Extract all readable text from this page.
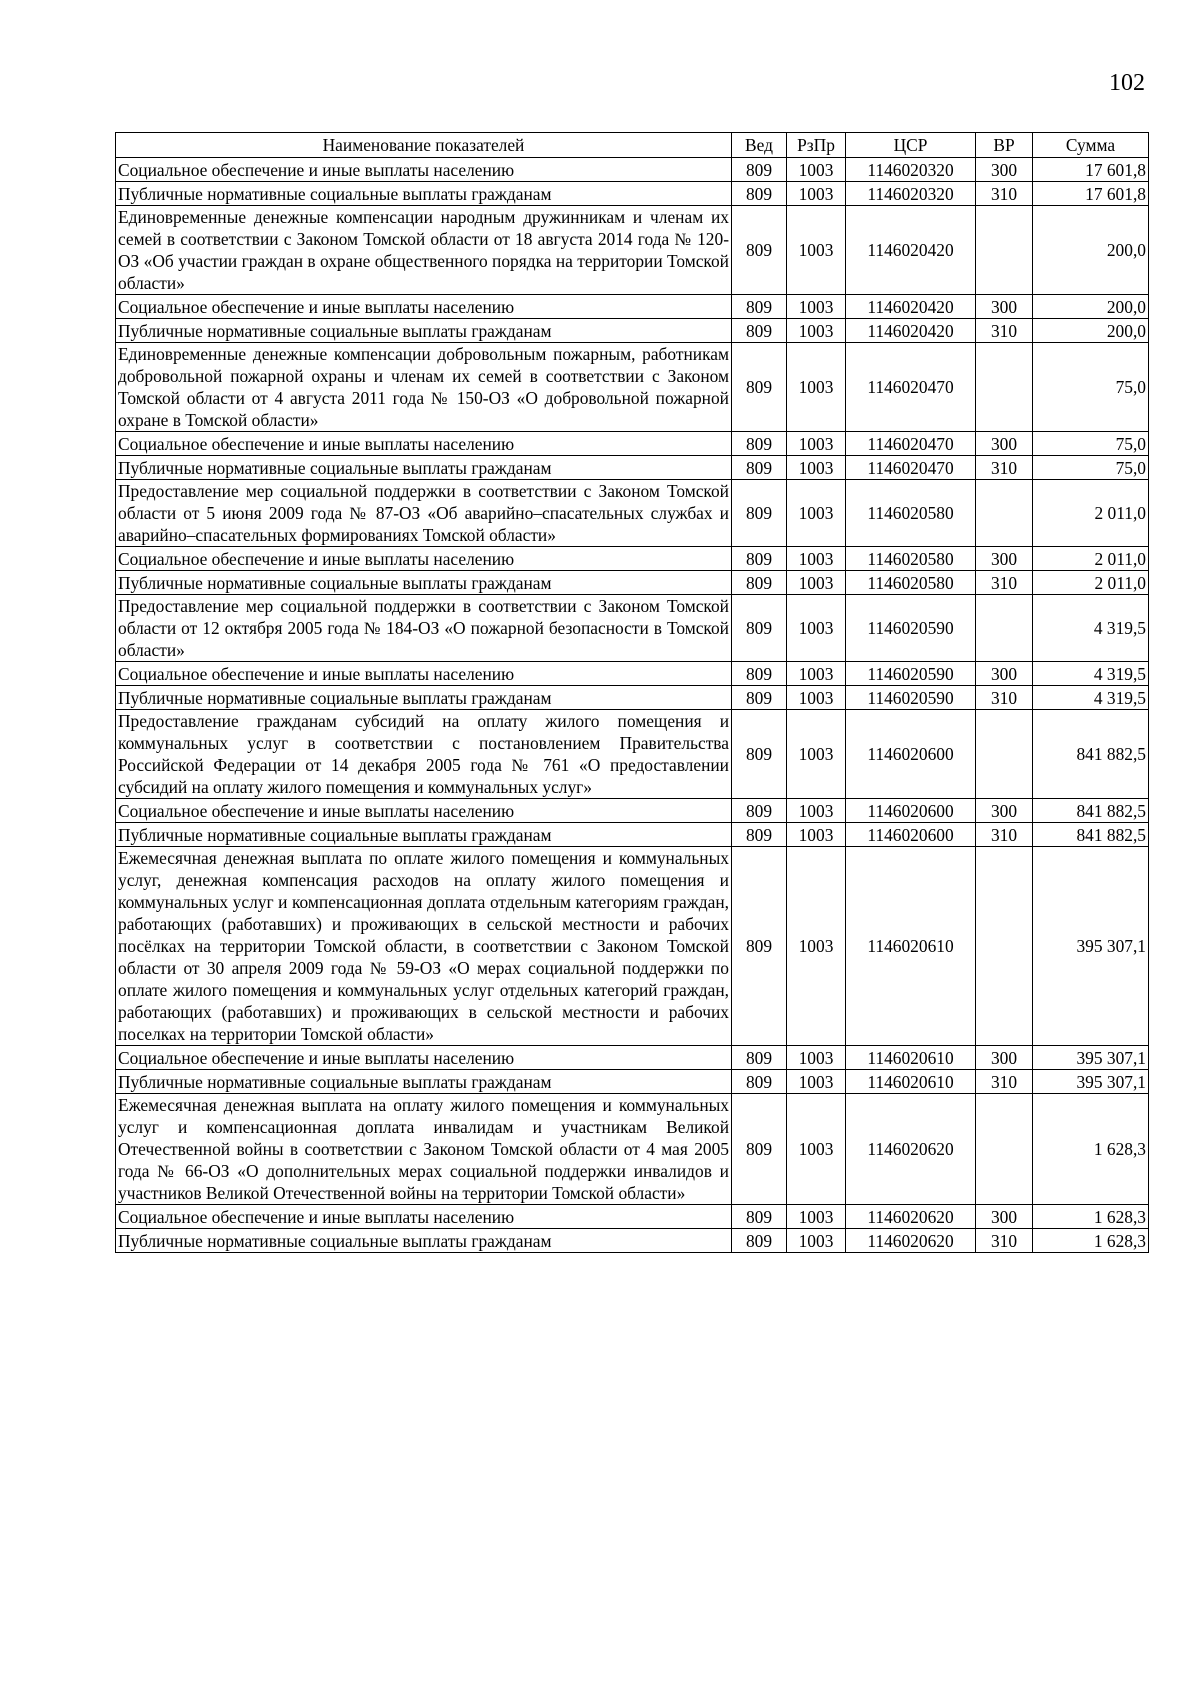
102
Наименование показателей	Вед	РзПр	ЦСР	ВР	Сумма
Социальное обеспечение и иные выплаты населению	809	1003	1146020320	300	17 601,8
Публичные нормативные социальные выплаты гражданам	809	1003	1146020320	310	17 601,8
Единовременные денежные компенсации народным дружинникам и членам их семей в соответствии с Законом Томской области от 18 августа 2014 года № 120-ОЗ «Об участии граждан в охране общественного порядка на территории Томской области»	809	1003	1146020420		200,0
Социальное обеспечение и иные выплаты населению	809	1003	1146020420	300	200,0
Публичные нормативные социальные выплаты гражданам	809	1003	1146020420	310	200,0
Единовременные денежные компенсации добровольным пожарным, работникам добровольной пожарной охраны и членам их семей в соответствии с Законом Томской области от 4 августа 2011 года № 150-ОЗ «О добровольной пожарной охране в Томской области»	809	1003	1146020470		75,0
Социальное обеспечение и иные выплаты населению	809	1003	1146020470	300	75,0
Публичные нормативные социальные выплаты гражданам	809	1003	1146020470	310	75,0
Предоставление мер социальной поддержки в соответствии с Законом Томской области от 5 июня 2009 года № 87-ОЗ «Об аварийно–спасательных службах и аварийно–спасательных формированиях Томской области»	809	1003	1146020580		2 011,0
Социальное обеспечение и иные выплаты населению	809	1003	1146020580	300	2 011,0
Публичные нормативные социальные выплаты гражданам	809	1003	1146020580	310	2 011,0
Предоставление мер социальной поддержки в соответствии с Законом Томской области от 12 октября 2005 года № 184-ОЗ «О пожарной безопасности в Томской области»	809	1003	1146020590		4 319,5
Социальное обеспечение и иные выплаты населению	809	1003	1146020590	300	4 319,5
Публичные нормативные социальные выплаты гражданам	809	1003	1146020590	310	4 319,5
Предоставление гражданам субсидий на оплату жилого помещения и коммунальных услуг в соответствии с постановлением Правительства Российской Федерации от 14 декабря 2005 года № 761 «О предоставлении субсидий на оплату жилого помещения и коммунальных услуг»	809	1003	1146020600		841 882,5
Социальное обеспечение и иные выплаты населению	809	1003	1146020600	300	841 882,5
Публичные нормативные социальные выплаты гражданам	809	1003	1146020600	310	841 882,5
Ежемесячная денежная выплата по оплате жилого помещения и коммунальных услуг, денежная компенсация расходов на оплату жилого помещения и коммунальных услуг и компенсационная доплата отдельным категориям граждан, работающих (работавших) и проживающих в сельской местности и рабочих посёлках на территории Томской области, в соответствии с Законом Томской области от 30 апреля 2009 года № 59-ОЗ «О мерах социальной поддержки по оплате жилого помещения и коммунальных услуг отдельных категорий граждан, работающих (работавших) и проживающих в сельской местности и рабочих поселках на территории Томской области»	809	1003	1146020610		395 307,1
Социальное обеспечение и иные выплаты населению	809	1003	1146020610	300	395 307,1
Публичные нормативные социальные выплаты гражданам	809	1003	1146020610	310	395 307,1
Ежемесячная денежная выплата на оплату жилого помещения и коммунальных услуг и компенсационная доплата инвалидам и участникам Великой Отечественной войны в соответствии с Законом Томской области от 4 мая 2005 года № 66-ОЗ «О дополнительных мерах социальной поддержки инвалидов и участников Великой Отечественной войны на территории Томской области»	809	1003	1146020620		1 628,3
Социальное обеспечение и иные выплаты населению	809	1003	1146020620	300	1 628,3
Публичные нормативные социальные выплаты гражданам	809	1003	1146020620	310	1 628,3
